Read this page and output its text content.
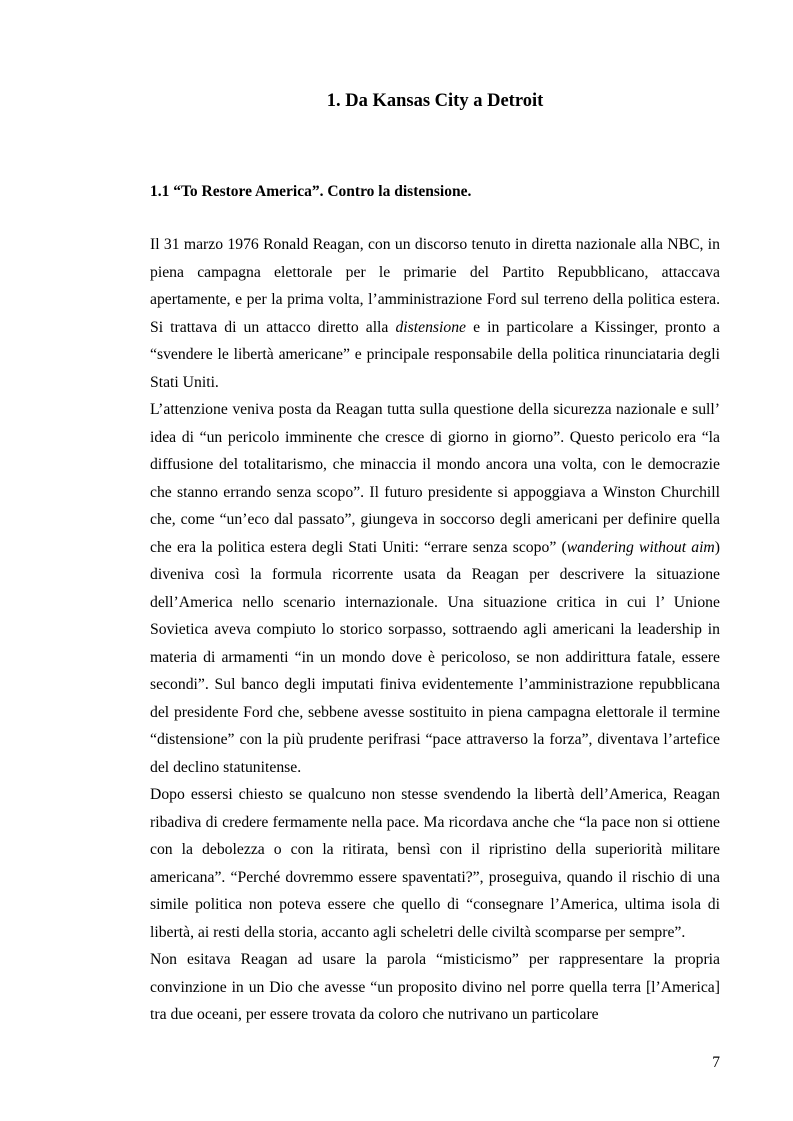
1. Da Kansas City a Detroit
1.1 “To Restore America”. Contro la distensione.

Il 31 marzo 1976 Ronald Reagan, con un discorso tenuto in diretta nazionale alla NBC, in piena campagna elettorale per le primarie del Partito Repubblicano, attaccava apertamente, e per la prima volta, l’amministrazione Ford sul terreno della politica estera. Si trattava di un attacco diretto alla distensione e in particolare a Kissinger, pronto a “svendere le libertà americane” e principale responsabile della politica rinunciataria degli Stati Uniti.

L’attenzione veniva posta da Reagan tutta sulla questione della sicurezza nazionale e sull’ idea di “un pericolo imminente che cresce di giorno in giorno”. Questo pericolo era “la diffusione del totalitarismo, che minaccia il mondo ancora una volta, con le democrazie che stanno errando senza scopo”. Il futuro presidente si appoggiava a Winston Churchill che, come “un’eco dal passato”, giungeva in soccorso degli americani per definire quella che era la politica estera degli Stati Uniti: “errare senza scopo” (wandering without aim) diveniva così la formula ricorrente usata da Reagan per descrivere la situazione dell’America nello scenario internazionale. Una situazione critica in cui l’ Unione Sovietica aveva compiuto lo storico sorpasso, sottraendo agli americani la leadership in materia di armamenti “in un mondo dove è pericoloso, se non addirittura fatale, essere secondi”. Sul banco degli imputati finiva evidentemente l’amministrazione repubblicana del presidente Ford che, sebbene avesse sostituito in piena campagna elettorale il termine “distensione” con la più prudente perifrasi “pace attraverso la forza”, diventava l’artefice del declino statunitense.

Dopo essersi chiesto se qualcuno non stesse svendendo la libertà dell’America, Reagan ribadiva di credere fermamente nella pace. Ma ricordava anche che “la pace non si ottiene con la debolezza o con la ritirata, bensì con il ripristino della superiorità militare americana”. “Perché dovremmo essere spaventati?”, proseguiva, quando il rischio di una simile politica non poteva essere che quello di “consegnare l’America, ultima isola di libertà, ai resti della storia, accanto agli scheletri delle civiltà scomparse per sempre”.

Non esitava Reagan ad usare la parola “misticismo” per rappresentare la propria convinzione in un Dio che avesse “un proposito divino nel porre quella terra [l’America] tra due oceani, per essere trovata da coloro che nutrivano un particolare

7
